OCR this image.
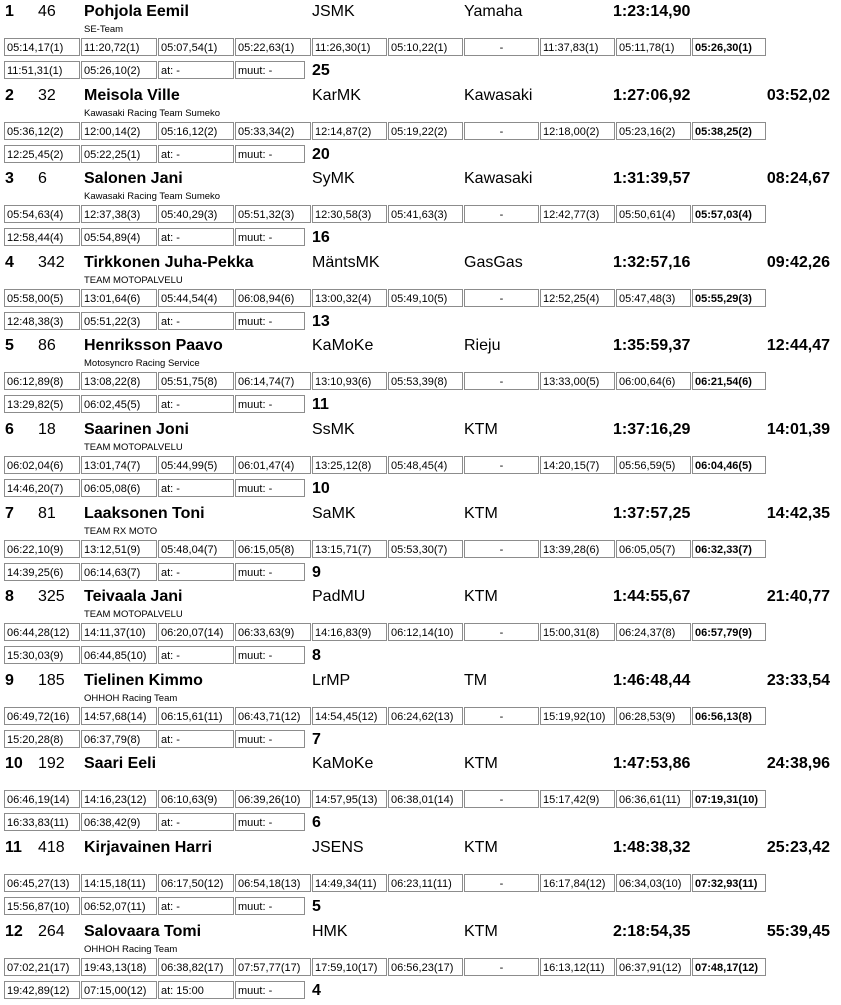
1 46 Pohjola Eemil	JSMK	Yamaha	1:23:14,90
SE-Team
05:14,17(1)	11:20,72(1)	05:07,54(1)	05:22,63(1)	11:26,30(1)	05:10,22(1)	-	11:37,83(1)	05:11,78(1)	05:26,30(1)
11:51,31(1)	05:26,10(2)	at: -	muut: -	25
2 32 Meisola Ville	KarMK	Kawasaki	1:27:06,92	03:52,02
Kawasaki Racing Team Sumeko
05:36,12(2)	12:00,14(2)	05:16,12(2)	05:33,34(2)	12:14,87(2)	05:19,22(2)	-	12:18,00(2)	05:23,16(2)	05:38,25(2)
12:25,45(2)	05:22,25(1)	at: -	muut: -	20
3 6 Salonen Jani	SyMK	Kawasaki	1:31:39,57	08:24,67
Kawasaki Racing Team Sumeko
05:54,63(4)	12:37,38(3)	05:40,29(3)	05:51,32(3)	12:30,58(3)	05:41,63(3)	-	12:42,77(3)	05:50,61(4)	05:57,03(4)
12:58,44(4)	05:54,89(4)	at: -	muut: -	16
4 342 Tirkkonen Juha-Pekka	MäntsMK	GasGas	1:32:57,16	09:42,26
TEAM MOTOPALVELU
05:58,00(5)	13:01,64(6)	05:44,54(4)	06:08,94(6)	13:00,32(4)	05:49,10(5)	-	12:52,25(4)	05:47,48(3)	05:55,29(3)
12:48,38(3)	05:51,22(3)	at: -	muut: -	13
5 86 Henriksson Paavo	KaMoKe	Rieju	1:35:59,37	12:44,47
Motosyncro Racing Service
06:12,89(8)	13:08,22(8)	05:51,75(8)	06:14,74(7)	13:10,93(6)	05:53,39(8)	-	13:33,00(5)	06:00,64(6)	06:21,54(6)
13:29,82(5)	06:02,45(5)	at: -	muut: -	11
6 18 Saarinen Joni	SsMK	KTM	1:37:16,29	14:01,39
TEAM MOTOPALVELU
06:02,04(6)	13:01,74(7)	05:44,99(5)	06:01,47(4)	13:25,12(8)	05:48,45(4)	-	14:20,15(7)	05:56,59(5)	06:04,46(5)
14:46,20(7)	06:05,08(6)	at: -	muut: -	10
7 81 Laaksonen Toni	SaMK	KTM	1:37:57,25	14:42,35
TEAM RX MOTO
06:22,10(9)	13:12,51(9)	05:48,04(7)	06:15,05(8)	13:15,71(7)	05:53,30(7)	-	13:39,28(6)	06:05,05(7)	06:32,33(7)
14:39,25(6)	06:14,63(7)	at: -	muut: -	9
8 325 Teivaala Jani	PadMU	KTM	1:44:55,67	21:40,77
TEAM MOTOPALVELU
06:44,28(12)	14:11,37(10)	06:20,07(14)	06:33,63(9)	14:16,83(9)	06:12,14(10)	-	15:00,31(8)	06:24,37(8)	06:57,79(9)
15:30,03(9)	06:44,85(10)	at: -	muut: -	8
9 185 Tielinen Kimmo	LrMP	TM	1:46:48,44	23:33,54
OHHOH Racing Team
06:49,72(16)	14:57,68(14)	06:15,61(11)	06:43,71(12)	14:54,45(12)	06:24,62(13)	-	15:19,92(10)	06:28,53(9)	06:56,13(8)
15:20,28(8)	06:37,79(8)	at: -	muut: -	7
10 192 Saari Eeli	KaMoKe	KTM	1:47:53,86	24:38,96
06:46,19(14)	14:16,23(12)	06:10,63(9)	06:39,26(10)	14:57,95(13)	06:38,01(14)	-	15:17,42(9)	06:36,61(11)	07:19,31(10)
16:33,83(11)	06:38,42(9)	at: -	muut: -	6
11 418 Kirjavainen Harri	JSENS	KTM	1:48:38,32	25:23,42
06:45,27(13)	14:15,18(11)	06:17,50(12)	06:54,18(13)	14:49,34(11)	06:23,11(11)	-	16:17,84(12)	06:34,03(10)	07:32,93(11)
15:56,87(10)	06:52,07(11)	at: -	muut: -	5
12 264 Salovaara Tomi	HMK	KTM	2:18:54,35	55:39,45
OHHOH Racing Team
07:02,21(17)	19:43,13(18)	06:38,82(17)	07:57,77(17)	17:59,10(17)	06:56,23(17)	-	16:13,12(11)	06:37,91(12)	07:48,17(12)
19:42,89(12)	07:15,00(12)	at: 15:00	muut: -	4
